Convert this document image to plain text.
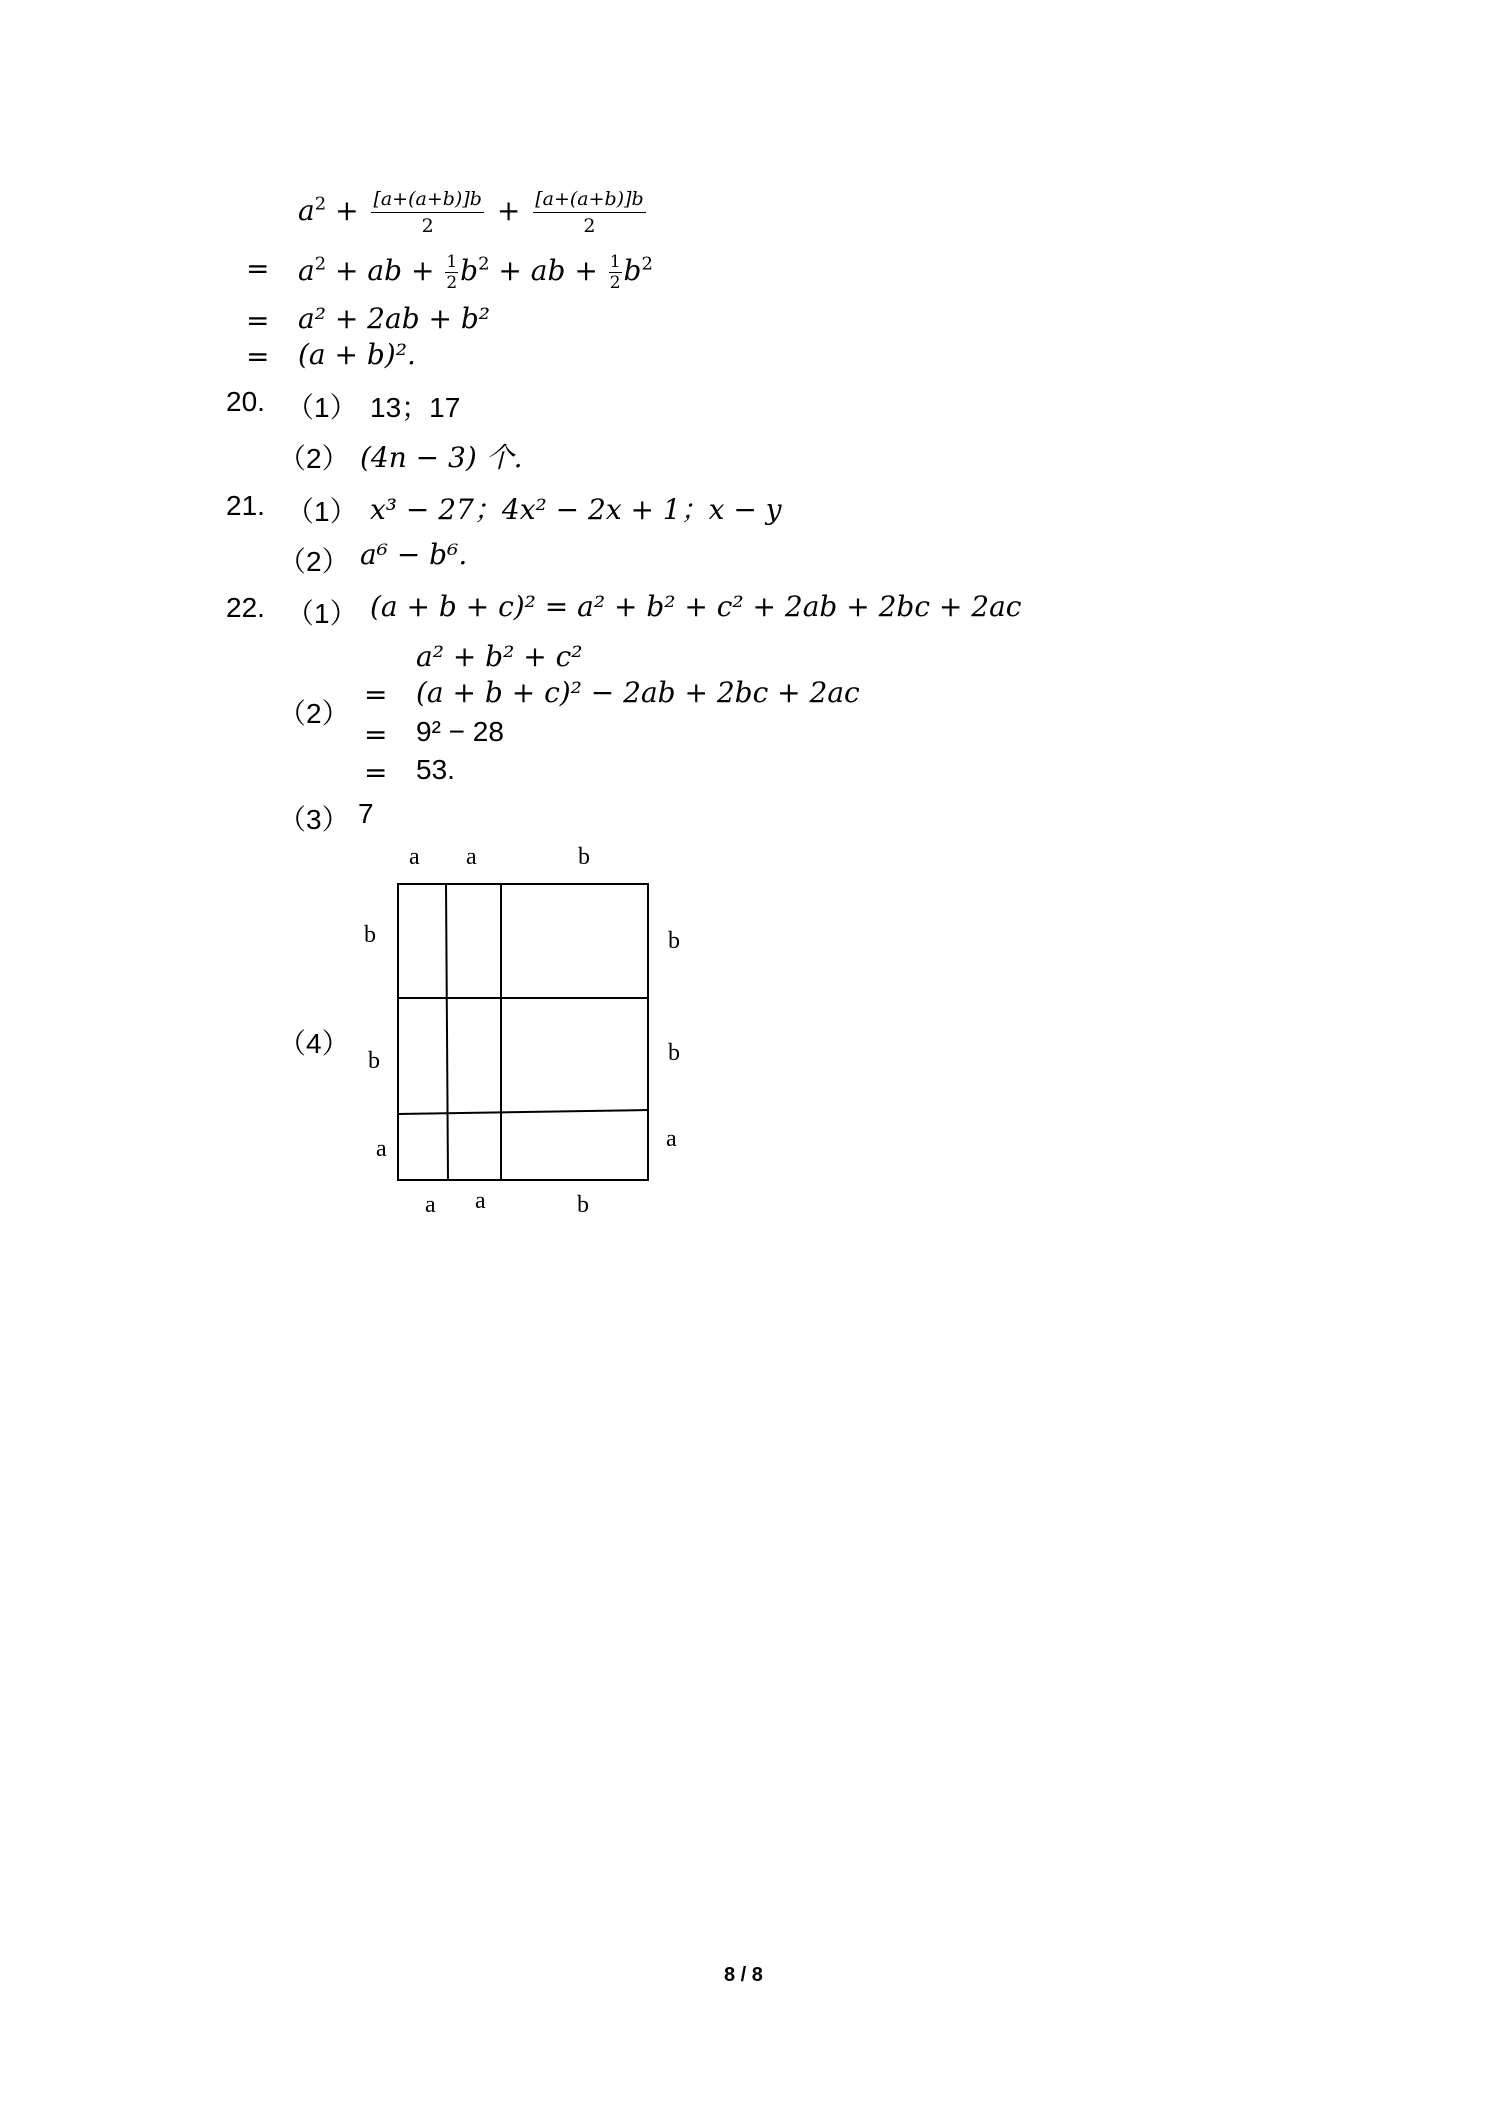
$a^2 + \frac{[a+(a+b)]b}{2} + \frac{[a+(a+b)]b}{2}$
= $a^2$ + ab + $\frac{1}{2} b^2$ + ab + $\frac{1}{2} b^2$
= a² + 2ab + b²
= (a + b)².
20. （1） 13；17
（2） (4n − 3) 个.
21. （1） x³ − 27；4x² − 2x + 1；x − y
（2） a⁶ − b⁶.
22. （1） (a + b + c)² = a² + b² + c² + 2ab + 2bc + 2ac
a² + b² + c²
（2）
= (a + b + c)² − 2ab + 2bc + 2ac
= 9² − 28
= 53.
（3） 7
（4）
a a	b
a a	b
b
b
a
b
b
a
8 / 8
